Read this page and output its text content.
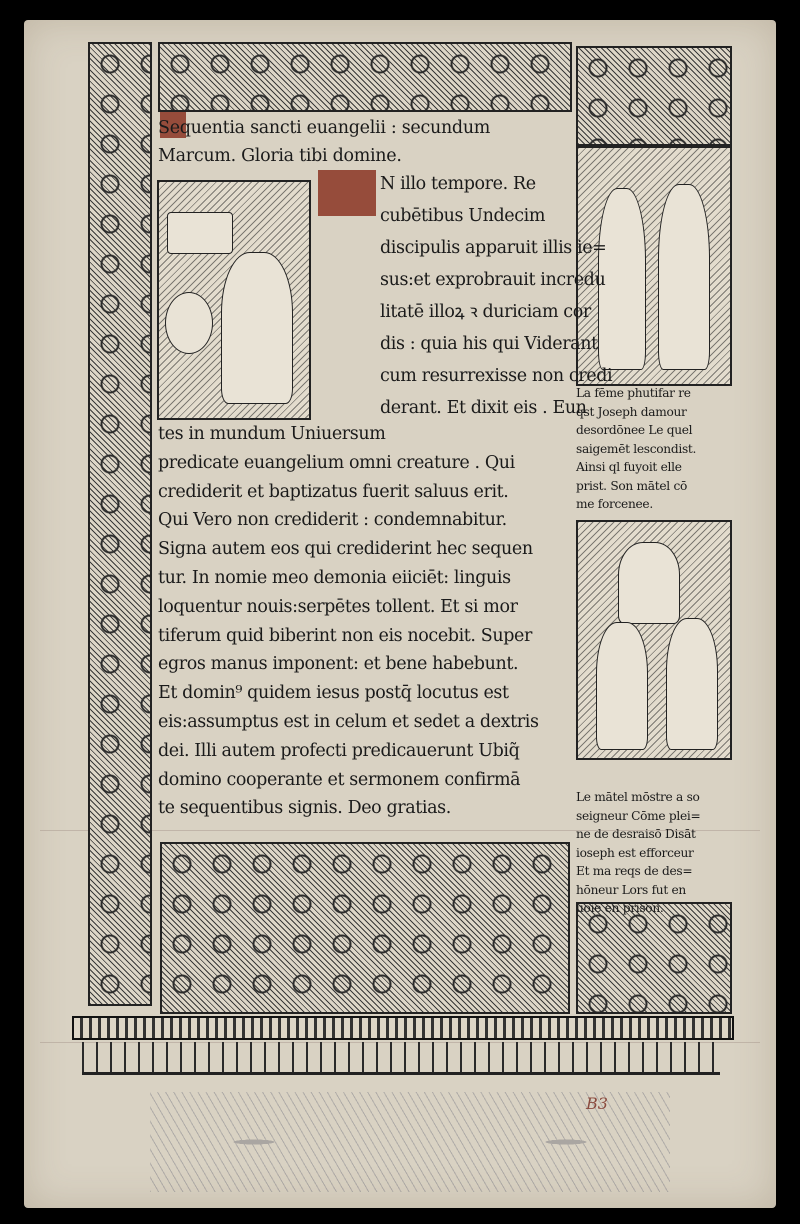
Sequentia sancti euangelii : secundum
Marcum. Gloria tibi domine.
N illo tempore. Re
cubētibus Undecim
discipulis apparuit illis ie=
sus:et exprobrauit incredu
litatē illoꝝ ꝛ duriciam cor
dis : quia his qui Viderant
cum resurrexisse non credi
derant. Et dixit eis . Eun
tes in mundum Uniuersum
predicate euangelium omni creature . Qui
crediderit et baptizatus fuerit saluus erit.
Qui Vero non crediderit : condemnabitur.
Signa autem eos qui crediderint hec sequen
tur. In nomie meo demonia eiiciēt: linguis
loquentur nouis:serpētes tollent. Et si mor
tiferum quid biberint non eis nocebit. Super
egros manus imponent: et bene habebunt.
Et domin⁹ quidem iesus postq̄ locutus est
eis:assumptus est in celum et sedet a dextris
dei. Illi autem profecti predicauerunt Ubiq̃
domino cooperante et sermonem confirmā
te sequentibus signis. Deo gratias.
La fēme phutifar re
qst Joseph damour
desordōnee Le quel
saigemēt lescondist.
Ainsi ql fuyoit elle
prist. Son mātel cō
me forcenee.
Le mātel mōstre a so
seigneur Cōme plei=
ne de desraisō Disāt
ioseph est efforceur
Et ma reqs de des=
hōneur Lors fut en
uoie en prison.
B3
